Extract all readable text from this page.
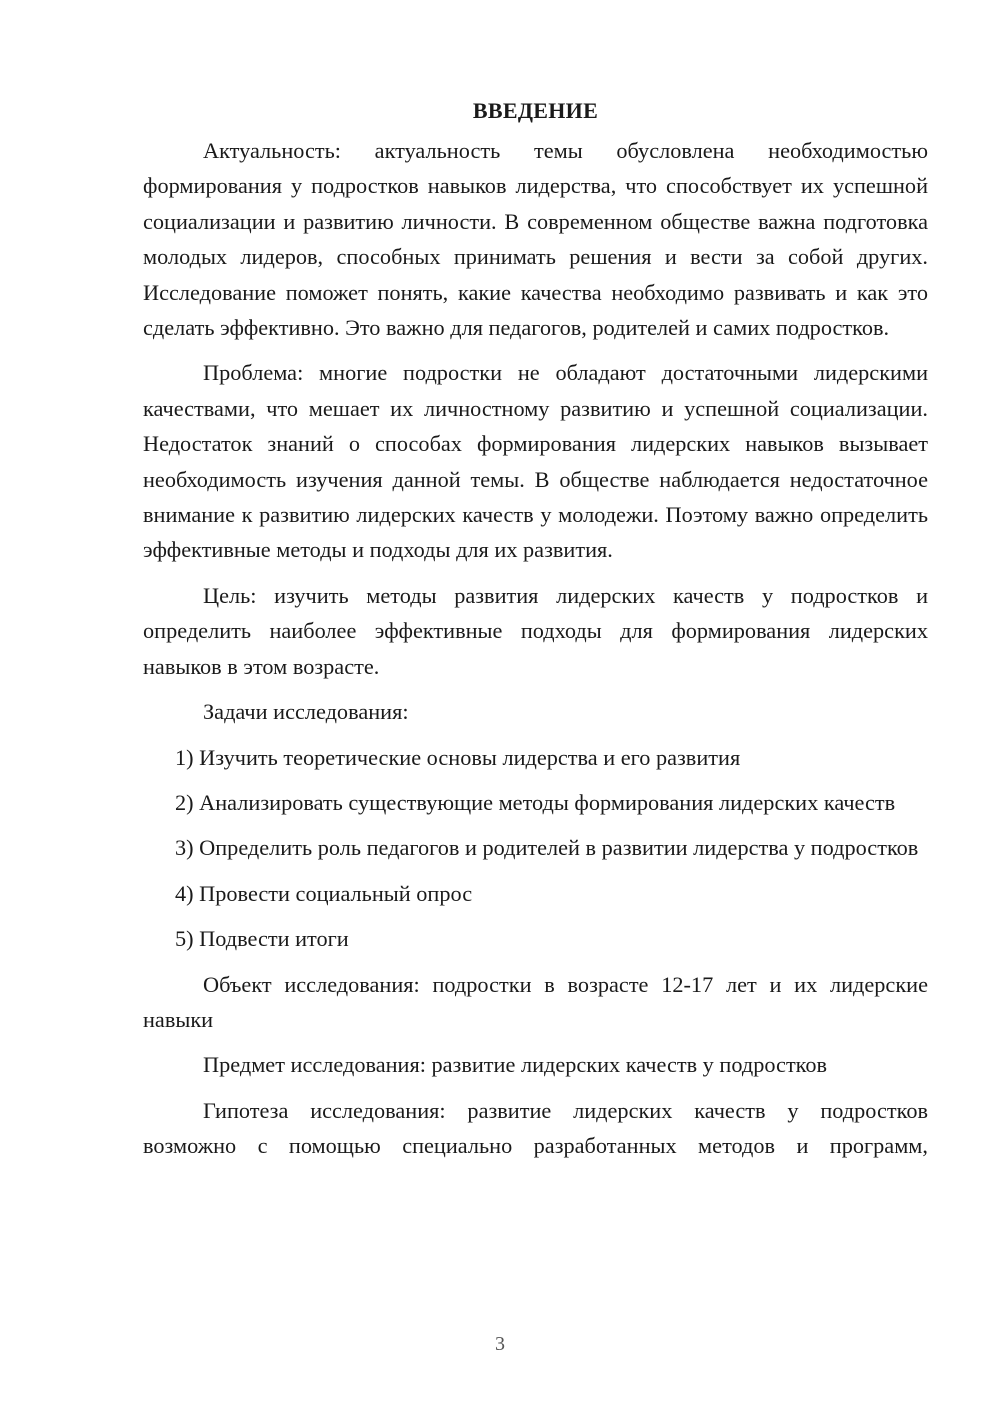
ВВЕДЕНИЕ

Актуальность: актуальность темы обусловлена необходимостью формирования у подростков навыков лидерства, что способствует их успешной социализации и развитию личности. В современном обществе важна подготовка молодых лидеров, способных принимать решения и вести за собой других. Исследование поможет понять, какие качества необходимо развивать и как это сделать эффективно. Это важно для педагогов, родителей и самих подростков.

Проблема: многие подростки не обладают достаточными лидерскими качествами, что мешает их личностному развитию и успешной социализации. Недостаток знаний о способах формирования лидерских навыков вызывает необходимость изучения данной темы. В обществе наблюдается недостаточное внимание к развитию лидерских качеств у молодежи. Поэтому важно определить эффективные методы и подходы для их развития.

Цель: изучить методы развития лидерских качеств у подростков и определить наиболее эффективные подходы для формирования лидерских навыков в этом возрасте.

Задачи исследования:

1) Изучить теоретические основы лидерства и его развития

2) Анализировать существующие методы формирования лидерских качеств

3) Определить роль педагогов и родителей в развитии лидерства у подростков

4) Провести социальный опрос

5) Подвести итоги

Объект исследования: подростки в возрасте 12-17 лет и их лидерские навыки

Предмет исследования: развитие лидерских качеств у подростков

Гипотеза исследования: развитие лидерских качеств у подростков возможно с помощью специально разработанных методов и программ,

3
